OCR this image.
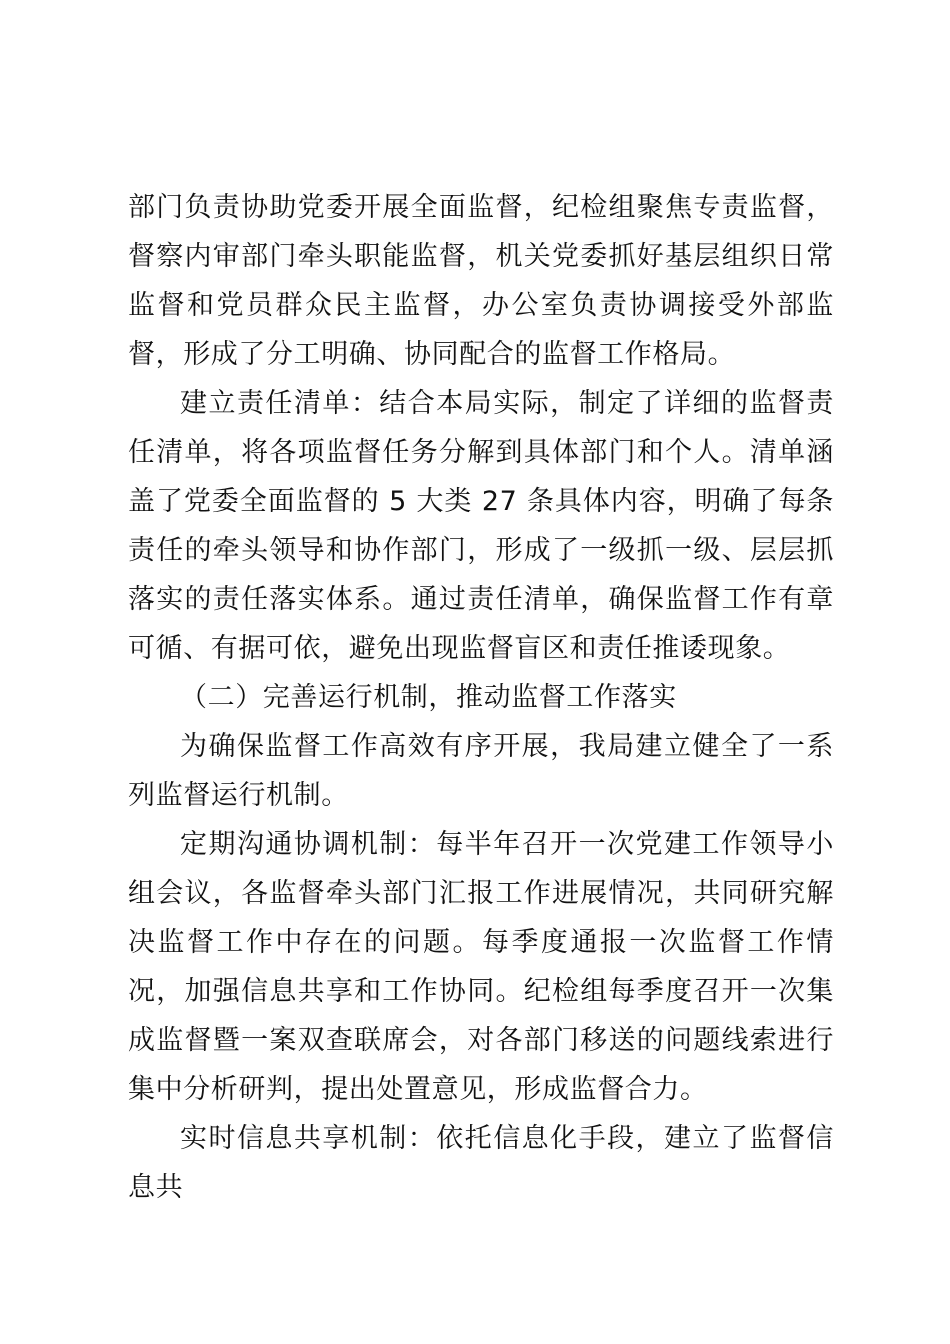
部门负责协助党委开展全面监督，纪检组聚焦专责监督，督察内审部门牵头职能监督，机关党委抓好基层组织日常监督和党员群众民主监督，办公室负责协调接受外部监督，形成了分工明确、协同配合的监督工作格局。

建立责任清单：结合本局实际，制定了详细的监督责任清单，将各项监督任务分解到具体部门和个人。清单涵盖了党委全面监督的 5 大类 27 条具体内容，明确了每条责任的牵头领导和协作部门，形成了一级抓一级、层层抓落实的责任落实体系。通过责任清单，确保监督工作有章可循、有据可依，避免出现监督盲区和责任推诿现象。

（二）完善运行机制，推动监督工作落实

为确保监督工作高效有序开展，我局建立健全了一系列监督运行机制。

定期沟通协调机制：每半年召开一次党建工作领导小组会议，各监督牵头部门汇报工作进展情况，共同研究解决监督工作中存在的问题。每季度通报一次监督工作情况，加强信息共享和工作协同。纪检组每季度召开一次集成监督暨一案双查联席会，对各部门移送的问题线索进行集中分析研判，提出处置意见，形成监督合力。

实时信息共享机制：依托信息化手段，建立了监督信息共
